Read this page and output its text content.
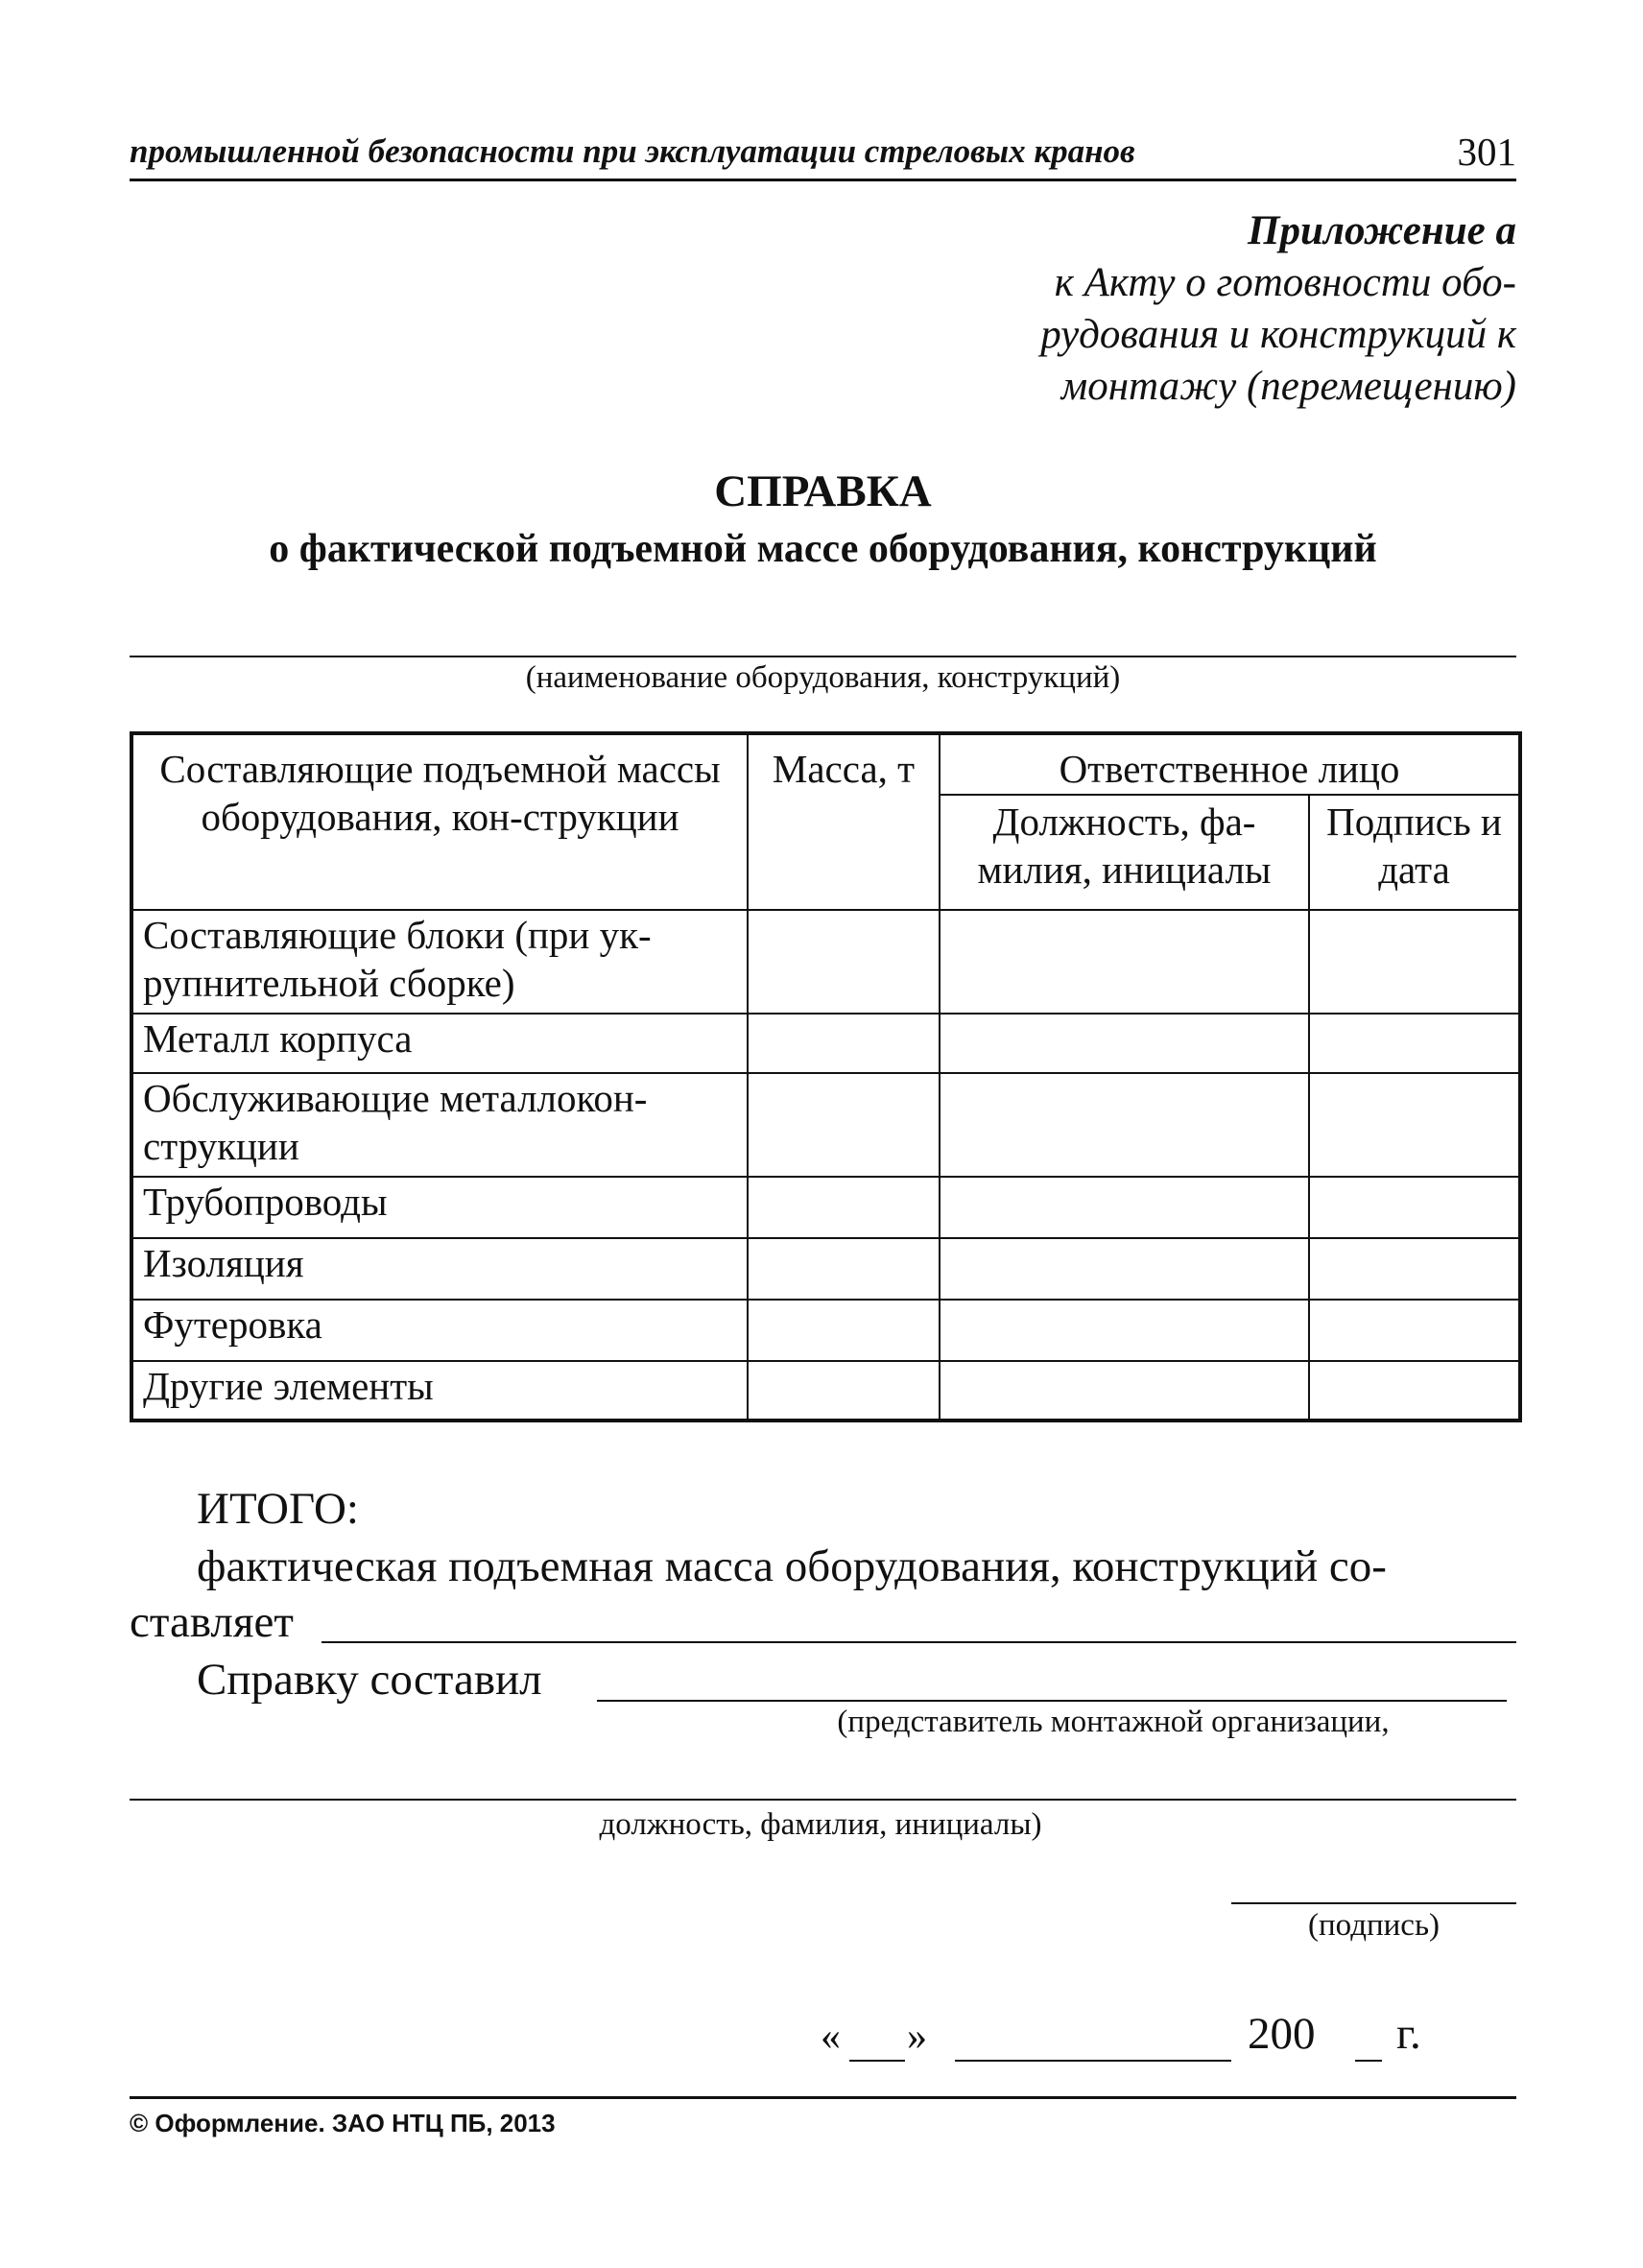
промышленной безопасности при эксплуатации стреловых кранов	301
Приложение а
к Акту о готовности обо-
рудования и конструкций к
монтажу (перемещению)
СПРАВКА
о фактической подъемной массе оборудования, конструкций
(наименование оборудования, конструкций)
Составляющие подъемной массы оборудования, кон-струкции	Масса, т	Ответственное лицо	
		Должность, фа-милия, инициалы	Подпись и дата
Составляющие блоки (при ук-рупнительной сборке)			
Металл корпуса			
Обслуживающие металлокон-струкции			
Трубопроводы			
Изоляция			
Футеровка			
Другие элементы			
ИТОГО:
фактическая подъемная масса оборудования, конструкций со-
ставляет
Справку составил
(представитель монтажной организации,
должность, фамилия, инициалы)
(подпись)
« »	200 г.
© Оформление. ЗАО НТЦ ПБ, 2013
